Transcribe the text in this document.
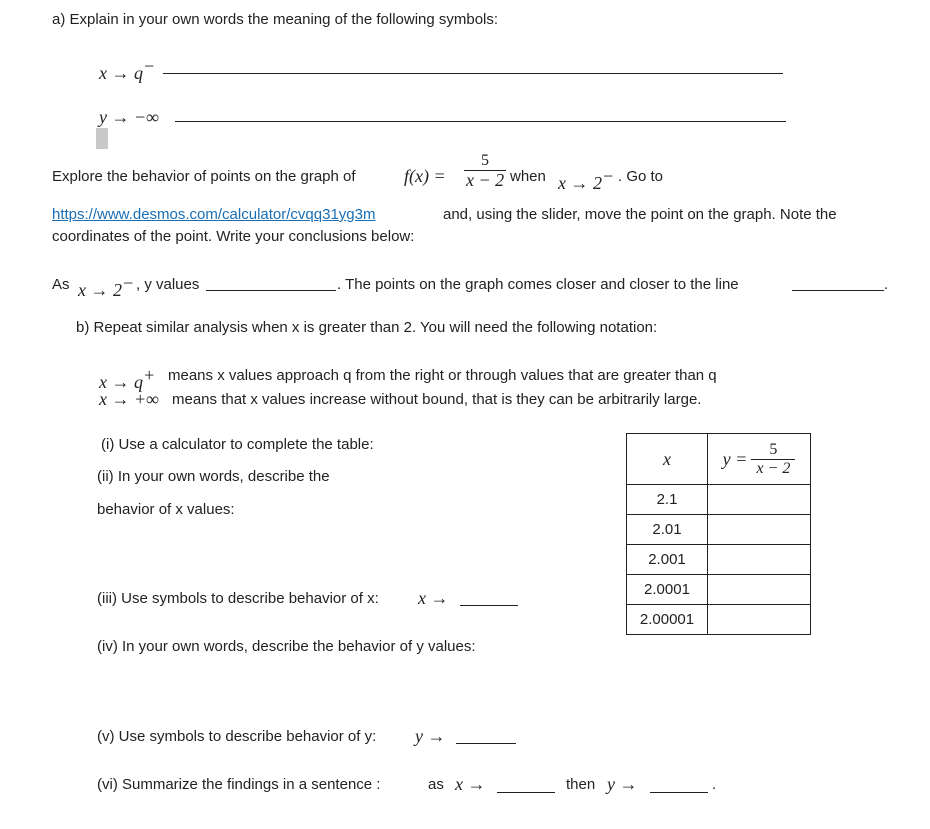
a) Explain in your own words the meaning of the following symbols:
x → q−
y → −∞
Explore the behavior of points on the graph of	$f(x) = \frac{5}{x - 2}$ when x → 2− . Go to
https://www.desmos.com/calculator/cvqq31yg3m	and, using the slider, move the point on the graph. Note the
coordinates of the point. Write your conclusions below:
As x → 2− , y values	. The points on the graph comes closer and closer to the line	.
b) Repeat similar analysis when x is greater than 2. You will need the following notation:
x → q+ means x values approach q from the right or through values that are greater than q
x → +∞ means that x values increase without bound, that is they can be arbitrarily large.
(i) Use a calculator to complete the table:
(ii) In your own words, describe the
behavior of x values:
(iii) Use symbols to describe behavior of x: x →
(iv) In your own words, describe the behavior of y values:
(v) Use symbols to describe behavior of y: y →
(vi) Summarize the findings in a sentence :	as x →	then y →	.
x	$y = \frac{5}{x - 2}$

2.1	
2.01	
2.001	
2.0001	
2.00001	
